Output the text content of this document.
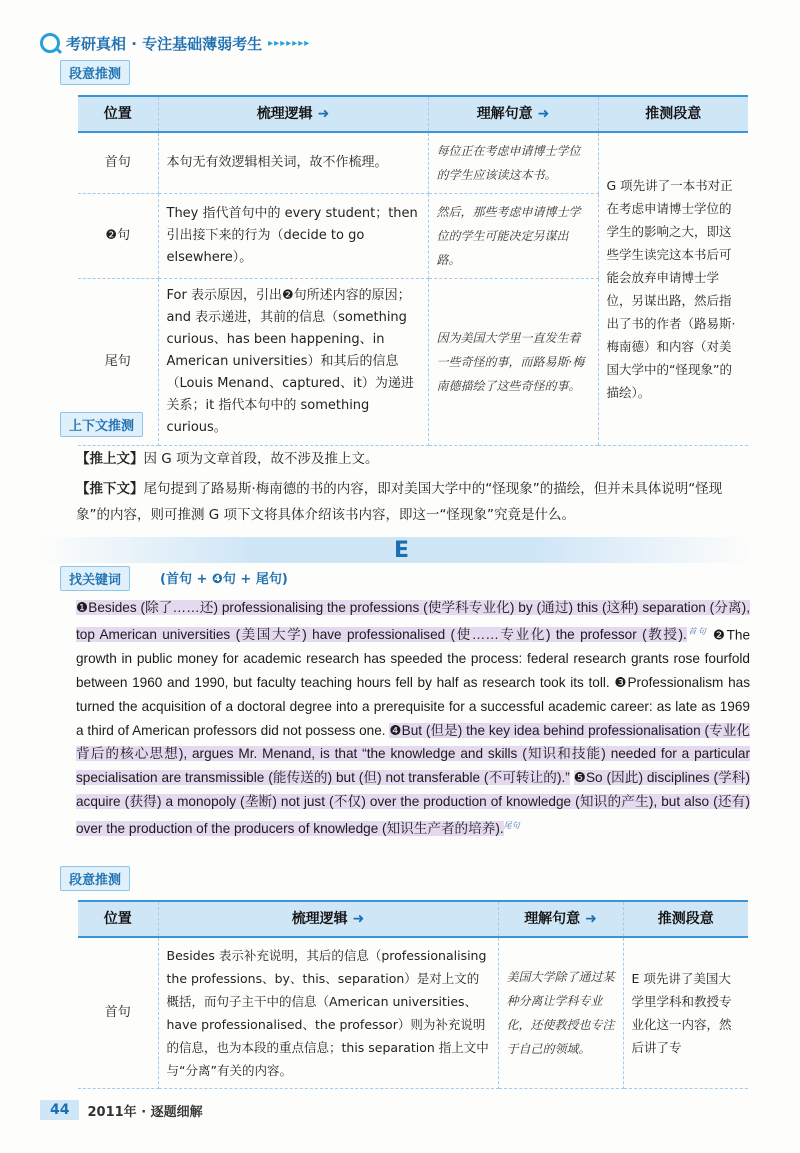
考研真相 · 专注基础薄弱考生 ▸▸▸▸▸▸▸
段意推测
位置	梳理逻辑 ➜	理解句意 ➜	推测段意
首句	本句无有效逻辑相关词，故不作梳理。	每位正在考虑申请博士学位的学生应该读这本书。	G 项先讲了一本书对正在考虑申请博士学位的学生的影响之大，即这些学生读完这本书后可能会放弃申请博士学位，另谋出路，然后指出了书的作者（路易斯·梅南德）和内容（对美国大学中的“怪现象”的描绘）。
❷句	They 指代首句中的 every student；then 引出接下来的行为（decide to go elsewhere）。	然后，那些考虑申请博士学位的学生可能决定另谋出路。	
尾句	For 表示原因，引出❷句所述内容的原因；and 表示递进，其前的信息（something curious、has been happening、in American universities）和其后的信息（Louis Menand、captured、it）为递进关系；it 指代本句中的 something curious。	因为美国大学里一直发生着一些奇怪的事，而路易斯·梅南德描绘了这些奇怪的事。	
上下文推测
【推上文】因 G 项为文章首段，故不涉及推上文。
【推下文】尾句提到了路易斯·梅南德的书的内容，即对美国大学中的“怪现象”的描绘，但并未具体说明“怪现象”的内容，则可推测 G 项下文将具体介绍该书内容，即这一“怪现象”究竟是什么。
E
找关键词	(首句 + ❹句 + 尾句)
❶Besides (除了……还) professionalising the professions (使学科专业化) by (通过) this (这种) separation (分离), top American universities (美国大学) have professionalised (使……专业化) the professor (教授).$^{首句}$ ❷The growth in public money for academic research has speeded the process: federal research grants rose fourfold between 1960 and 1990, but faculty teaching hours fell by half as research took its toll. ❸Professionalism has turned the acquisition of a doctoral degree into a prerequisite for a successful academic career: as late as 1969 a third of American professors did not possess one. ❹But (但是) the key idea behind professionalisation (专业化背后的核心思想), argues Mr. Menand, is that “the knowledge and skills (知识和技能) needed for a particular specialisation are transmissible (能传送的) but (但) not transferable (不可转让的).” ❺So (因此) disciplines (学科) acquire (获得) a monopoly (垄断) not just (不仅) over the production of knowledge (知识的产生), but also (还有) over the production of the producers of knowledge (知识生产者的培养).$^{尾句}$
段意推测
位置	梳理逻辑 ➜	理解句意 ➜	推测段意
首句	Besides 表示补充说明，其后的信息（professionalising the professions、by、this、separation）是对上文的概括，而句子主干中的信息（American universities、have professionalised、the professor）则为补充说明的信息，也为本段的重点信息；this separation 指上文中与“分离”有关的内容。	美国大学除了通过某种分离让学科专业化，还使教授也专注于自己的领域。	E 项先讲了美国大学里学科和教授专业化这一内容，然后讲了专
44	2011年 · 逐题细解
